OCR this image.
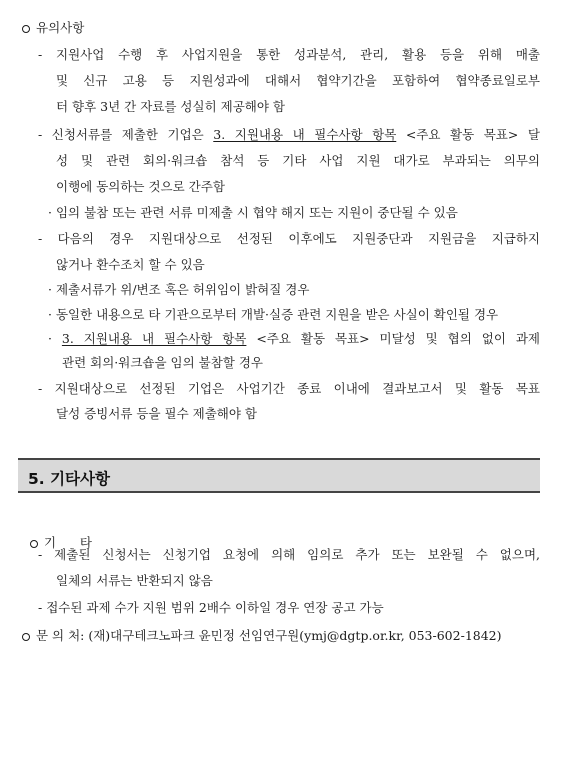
유의사항
- 지원사업 수행 후 사업지원을 통한 성과분석, 관리, 활용 등을 위해 매출
및 신규 고용 등 지원성과에 대해서 협약기간을 포함하여 협약종료일로부
터 향후 3년 간 자료를 성실히 제공해야 함
- 신청서류를 제출한 기업은 3. 지원내용 내 필수사항 항목 <주요 활동 목표> 달
성 및 관련 회의·워크숍 참석 등 기타 사업 지원 대가로 부과되는 의무의
이행에 동의하는 것으로 간주함
· 임의 불참 또는 관련 서류 미제출 시 협약 해지 또는 지원이 중단될 수 있음
- 다음의 경우 지원대상으로 선정된 이후에도 지원중단과 지원금을 지급하지
않거나 환수조치 할 수 있음
· 제출서류가 위/변조 혹은 허위임이 밝혀질 경우
· 동일한 내용으로 타 기관으로부터 개발·실증 관련 지원을 받은 사실이 확인될 경우
· 3. 지원내용 내 필수사항 항목 <주요 활동 목표> 미달성 및 협의 없이 과제
관련 회의·워크숍을 임의 불참할 경우
- 지원대상으로 선정된 기업은 사업기간 종료 이내에 결과보고서 및 활동 목표
달성 증빙서류 등을 필수 제출해야 함
5. 기타사항

기      타

- 제출된 신청서는 신청기업 요청에 의해 임의로 추가 또는 보완될 수 없으며,
일체의 서류는 반환되지 않음
- 접수된 과제 수가 지원 범위 2배수 이하일 경우 연장 공고 가능
문 의 처: (재)대구테크노파크 윤민정 선임연구원(ymj@dgtp.or.kr, 053-602-1842)
